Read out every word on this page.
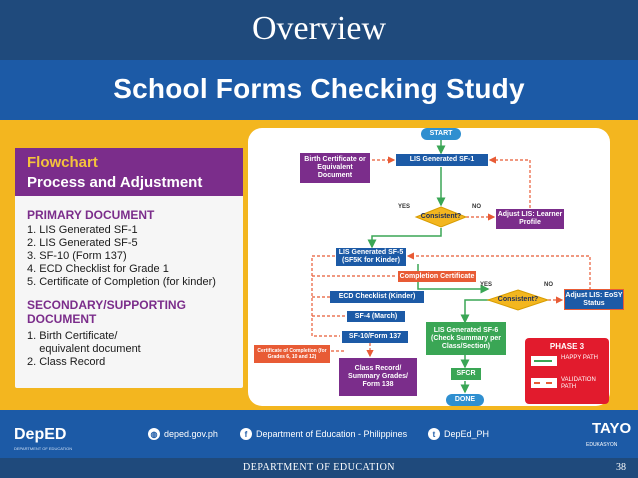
Overview
School Forms Checking Study
Flowchart
Process and Adjustment
PRIMARY DOCUMENT
1. LIS Generated SF-1
2. LIS Generated SF-5
3. SF-10 (Form 137)
4. ECD Checklist for Grade 1
5. Certificate of Completion (for kinder)
SECONDARY/SUPPORTING
DOCUMENT
1. Birth Certificate/
equivalent document
2. Class Record
START
Birth Certificate or Equivalent Document
LIS Generated SF-1
YES	NO
Consistent?	Adjust LIS: Learner Profile
LIS Generated SF-5 (SF5K for Kinder)
Completion Certificate
YES	NO
Consistent?
Adjust LIS: EoSY Status
ECD Checklist (Kinder)
SF-4 (March)
LIS Generated SF-6 (Check Summary per Class/Section)
SF-10/Form 137
Certificate of Completion (for Grades 6, 10 and 12)
Class Record/ Summary Grades/ Form 138
SFCR
DONE
PHASE 3
HAPPY PATH
VALIDATION PATH
DepED
DEPARTMENT OF EDUCATION
◍ deped.gov.ph	f Department of Education - Philippines	t DepEd_PH	TAYO
EDUKASYON
DEPARTMENT OF EDUCATION	38
